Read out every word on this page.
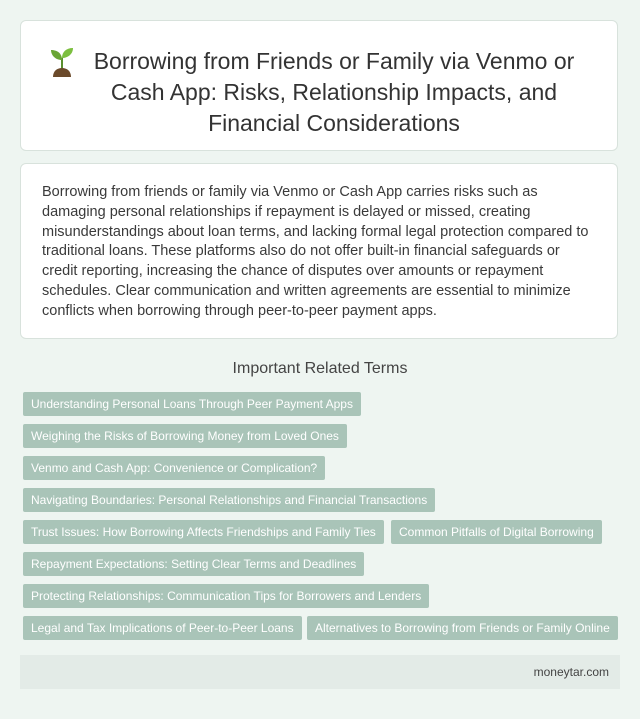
Borrowing from Friends or Family via Venmo or Cash App: Risks, Relationship Impacts, and Financial Considerations

Borrowing from friends or family via Venmo or Cash App carries risks such as damaging personal relationships if repayment is delayed or missed, creating misunderstandings about loan terms, and lacking formal legal protection compared to traditional loans. These platforms also do not offer built-in financial safeguards or credit reporting, increasing the chance of disputes over amounts or repayment schedules. Clear communication and written agreements are essential to minimize conflicts when borrowing through peer-to-peer payment apps.

Important Related Terms
Understanding Personal Loans Through Peer Payment Apps
Weighing the Risks of Borrowing Money from Loved Ones
Venmo and Cash App: Convenience or Complication?
Navigating Boundaries: Personal Relationships and Financial Transactions
Trust Issues: How Borrowing Affects Friendships and Family Ties	Common Pitfalls of Digital Borrowing
Repayment Expectations: Setting Clear Terms and Deadlines
Protecting Relationships: Communication Tips for Borrowers and Lenders
Legal and Tax Implications of Peer-to-Peer Loans	Alternatives to Borrowing from Friends or Family Online
moneytar.com
